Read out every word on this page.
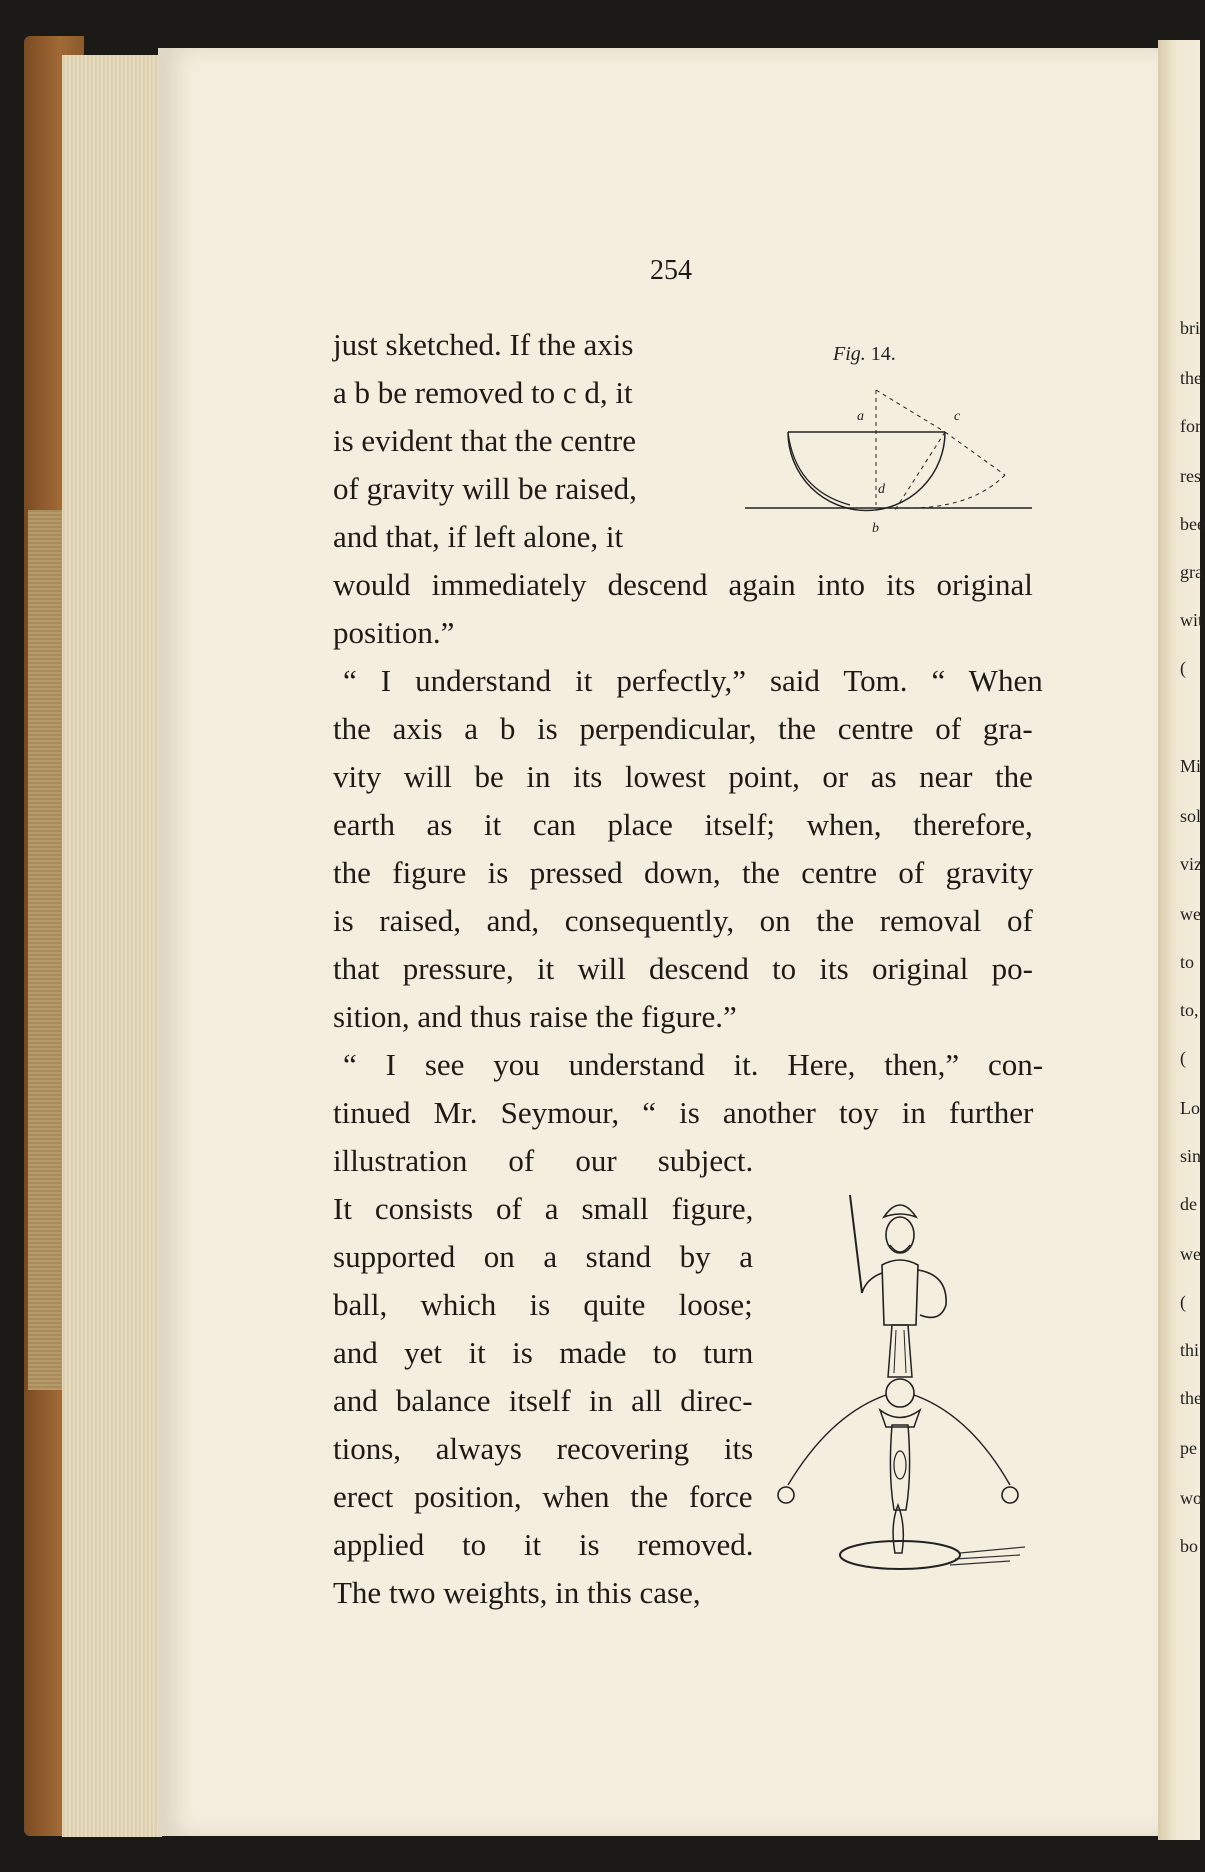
bri
the
for
res
bee
gra
wit
(
Mi
sol
viz
we
to
to,
(
Lo
sin
de
we
(
thi
the
pe
wo
bo
254
Fig. 14.
a	c
d
b
just sketched. If the axis
a b be removed to c d, it
is evident that the centre
of gravity will be raised,
and that, if left alone, it
would immediately descend again into its original
position.”
“ I understand it perfectly,” said Tom. “ When
the axis a b is perpendicular, the centre of gra-
vity will be in its lowest point, or as near the
earth as it can place itself; when, therefore,
the figure is pressed down, the centre of gravity
is raised, and, consequently, on the removal of
that pressure, it will descend to its original po-
sition, and thus raise the figure.”
“ I see you understand it. Here, then,” con-
tinued Mr. Seymour, “ is another toy in further
illustration of our subject.
It consists of a small figure,
supported on a stand by a
ball, which is quite loose;
and yet it is made to turn
and balance itself in all direc-
tions, always recovering its
erect position, when the force
applied to it is removed.
The two weights, in this case,
